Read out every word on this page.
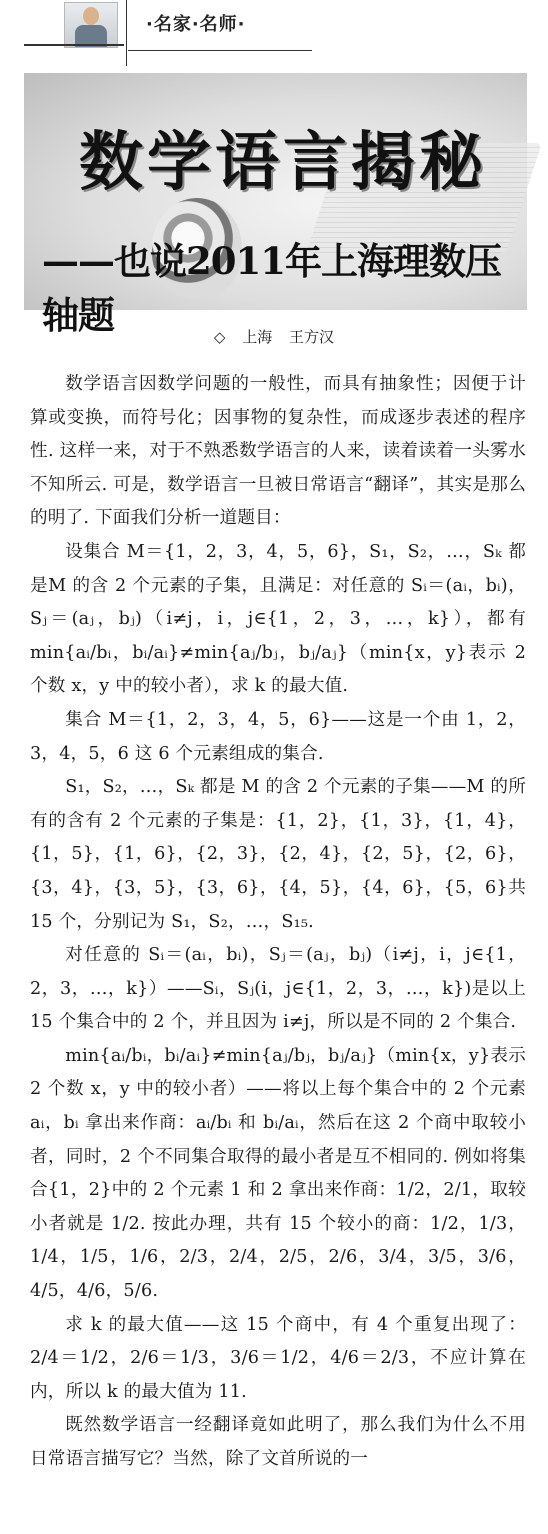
·名家·名师·
数学语言揭秘
——也说2011年上海理数压轴题	◇ 上海 王方汉

数学语言因数学问题的一般性，而具有抽象性；因便于计算或变换，而符号化；因事物的复杂性，而成逐步表述的程序性. 这样一来，对于不熟悉数学语言的人来，读着读着一头雾水不知所云. 可是，数学语言一旦被日常语言“翻译”，其实是那么的明了. 下面我们分析一道题目：

设集合 M＝{1，2，3，4，5，6}，S₁，S₂，…，Sₖ 都是M 的含 2 个元素的子集，且满足：对任意的 Sᵢ＝(aᵢ，bᵢ)，Sⱼ＝(aⱼ，bⱼ)（i≠j，i，j∈{1，2，3，…，k}），都有 min{aᵢ/bᵢ，bᵢ/aᵢ}≠min{aⱼ/bⱼ，bⱼ/aⱼ}（min{x，y}表示 2 个数 x，y 中的较小者），求 k 的最大值.

集合 M＝{1，2，3，4，5，6}——这是一个由 1，2，3，4，5，6 这 6 个元素组成的集合.

S₁，S₂，…，Sₖ 都是 M 的含 2 个元素的子集——M 的所有的含有 2 个元素的子集是：{1，2}，{1，3}，{1，4}，{1，5}，{1，6}，{2，3}，{2，4}，{2，5}，{2，6}，{3，4}，{3，5}，{3，6}，{4，5}，{4，6}，{5，6}共 15 个，分别记为 S₁，S₂，…，S₁₅.

对任意的 Sᵢ＝(aᵢ，bᵢ)，Sⱼ＝(aⱼ，bⱼ)（i≠j，i，j∈{1，2，3，…，k}）——Sᵢ，Sⱼ(i，j∈{1，2，3，…，k})是以上 15 个集合中的 2 个，并且因为 i≠j，所以是不同的 2 个集合.

min{aᵢ/bᵢ，bᵢ/aᵢ}≠min{aⱼ/bⱼ，bⱼ/aⱼ}（min{x，y}表示 2 个数 x，y 中的较小者）——将以上每个集合中的 2 个元素 aᵢ，bᵢ 拿出来作商：aᵢ/bᵢ 和 bᵢ/aᵢ，然后在这 2 个商中取较小者，同时，2 个不同集合取得的最小者是互不相同的. 例如将集合{1，2}中的 2 个元素 1 和 2 拿出来作商：1/2，2/1，取较小者就是 1/2. 按此办理，共有 15 个较小的商：1/2，1/3，1/4，1/5，1/6，2/3，2/4，2/5，2/6，3/4，3/5，3/6，4/5，4/6，5/6.

求 k 的最大值——这 15 个商中，有 4 个重复出现了：2/4＝1/2，2/6＝1/3，3/6＝1/2，4/6＝2/3，不应计算在内，所以 k 的最大值为 11.

既然数学语言一经翻译竟如此明了，那么我们为什么不用日常语言描写它？当然，除了文首所说的一
